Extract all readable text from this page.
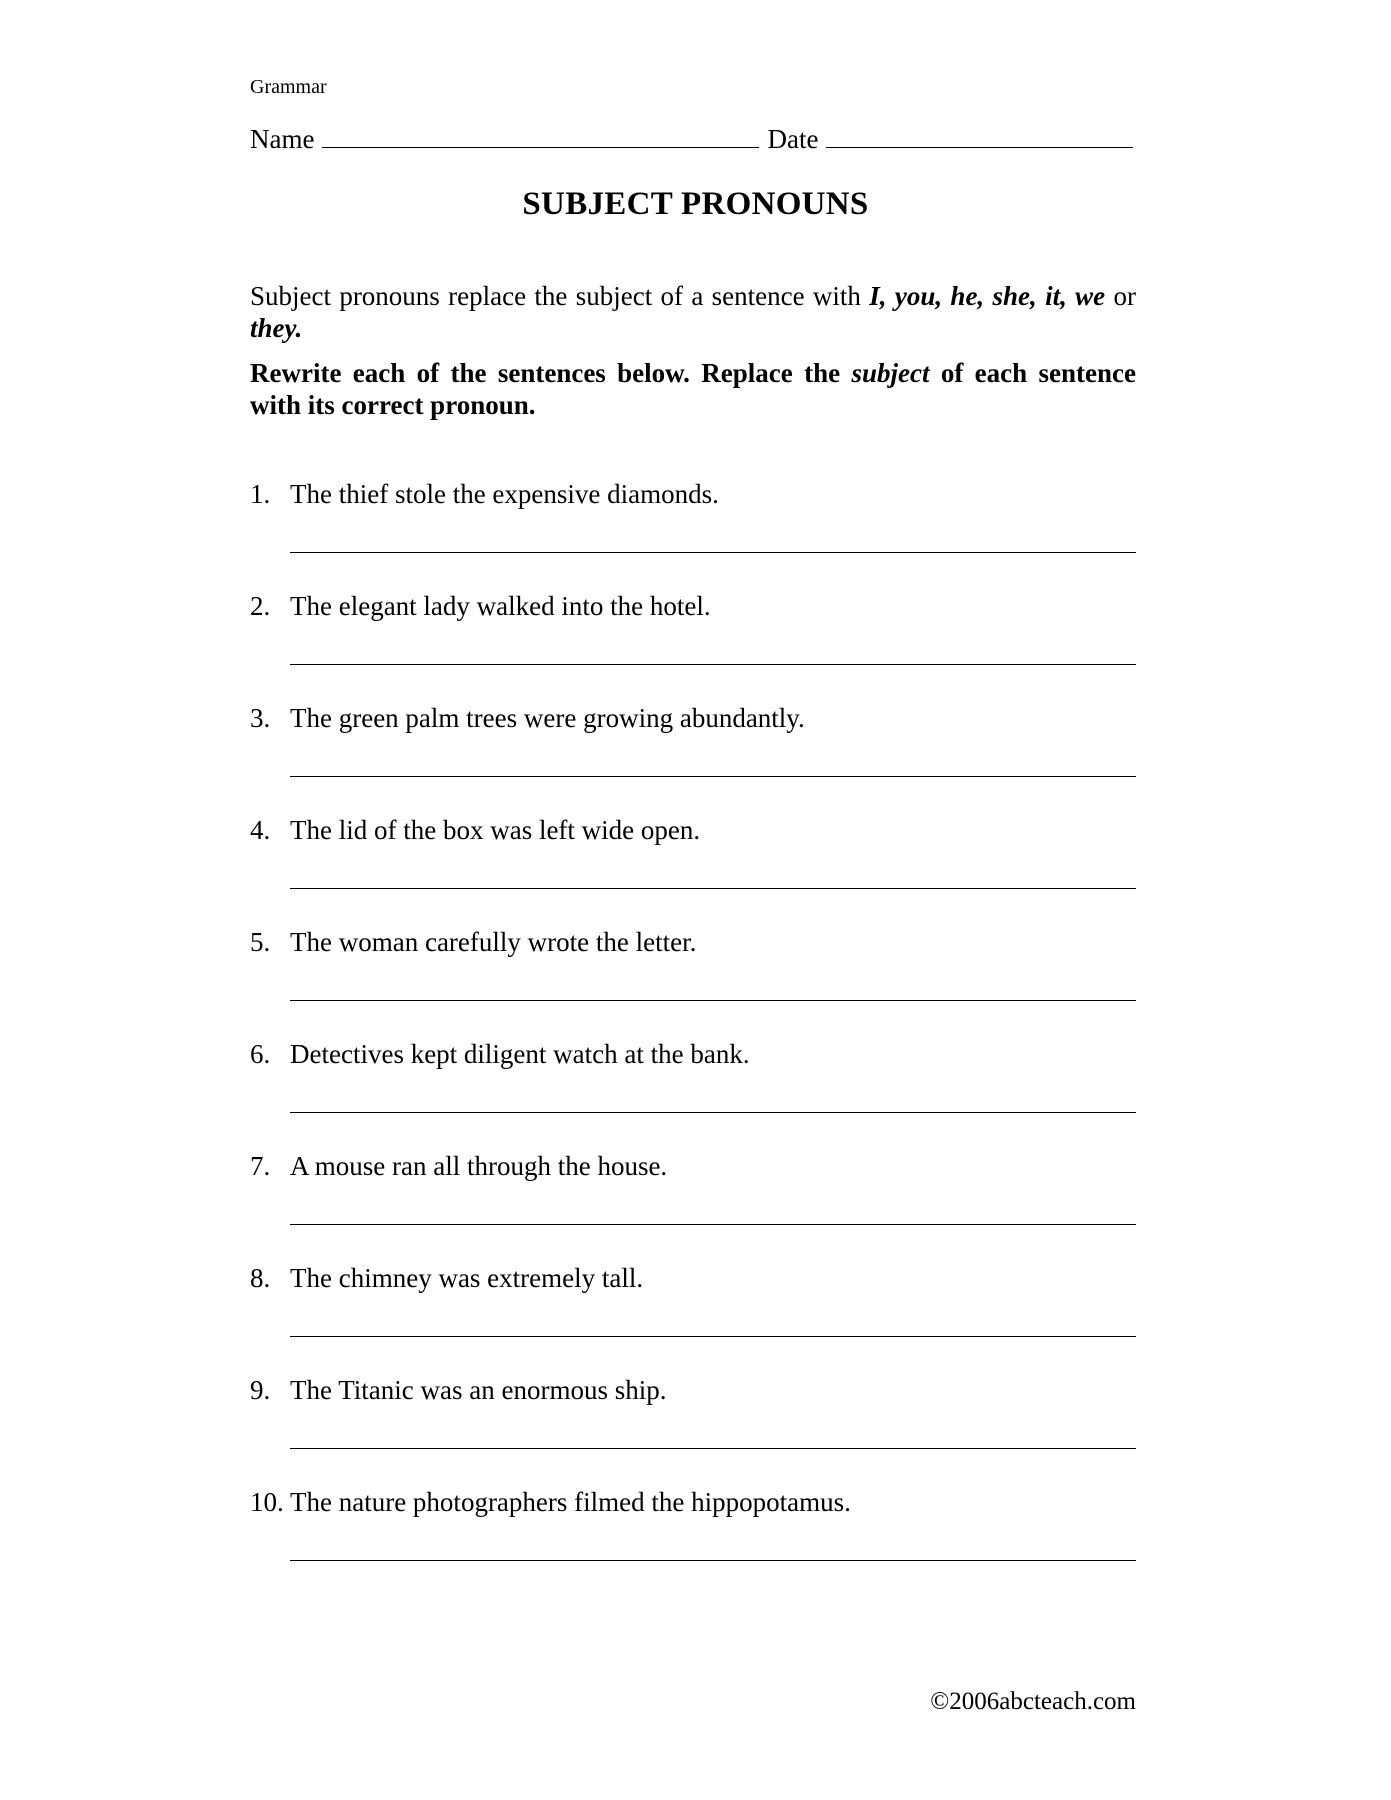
Grammar
Name	Date
SUBJECT PRONOUNS
Subject pronouns replace the subject of a sentence with I, you, he, she, it, we or they.
Rewrite each of the sentences below. Replace the subject of each sentence with its correct pronoun.
1. The thief stole the expensive diamonds.
2. The elegant lady walked into the hotel.
3. The green palm trees were growing abundantly.
4. The lid of the box was left wide open.
5. The woman carefully wrote the letter.
6. Detectives kept diligent watch at the bank.
7. A mouse ran all through the house.
8. The chimney was extremely tall.
9. The Titanic was an enormous ship.
10. The nature photographers filmed the hippopotamus.
©2006abcteach.com
